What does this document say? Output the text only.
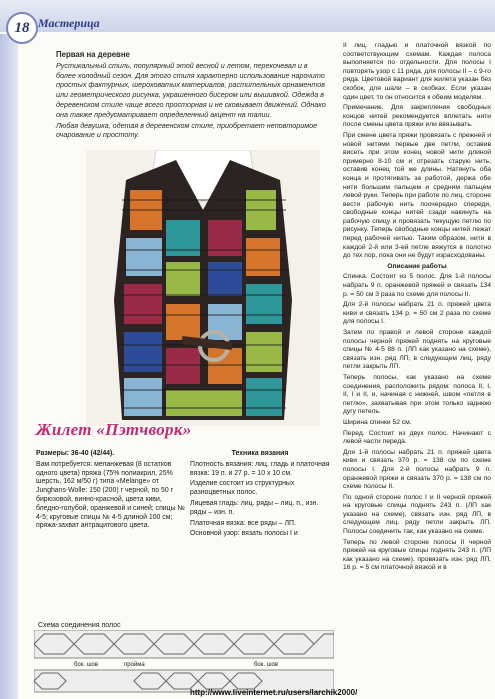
18 Мастерица
Первая на деревне

Рустикальный стиль, популярный этой весной и летом, перекочевал и в более холодный сезон. Для этого стиля характерно использование нарочито простых фактурных, шероховатых материалов, растительных орнаментов или геометрического рисунка, украшенного бисером или вышивкой. Одежда в деревенском стиле чаще всего просторная и не сковывает движений. Однако она также предусматривает определенный акцент на талии.

Любая девушка, одетая в деревенском стиле, приобретает неповторимое очарование и простоту.

Жилет «Пэтчворк»

Размеры: 36-40 (42/44).

Вам потребуется: меланжевая (8 остатков одного цвета) пряжа (75% полиакрил, 25% шерсть, 162 м/50 г) типа «Melange» от Junghans-Wolle: 150 (200) г черной, по 50 г бирюзовой, винно-красной, цвета киви, бледно-голубой, оранжевой и синей; спицы № 4-5; круговые спицы № 4-5 длиной 100 см; пряжа-захват антрацитового цвета.

Техника вязания

Плотность вязания: лиц. гладь и платочная вязка: 19 п. и 27 р. = 10 х 10 см.

Изделие состоит из структурных разноцветных полос.

Лицевая гладь: лиц. ряды – лиц. п., изн. ряды – изн. п.

Платочная вязка: все ряды – ЛП.

Основной узор: вязать полосы I и

II лиц. гладью и платочной вязкой по соответствующим схемам. Каждая полоса выполняется по отдельности. Для полосы I повторять узор с 11 ряда, для полосы II – с 9-го ряда. Цветовой вариант для жилета указан без скобок, для шали – в скобках. Если указан один цвет, то он относится к обеим моделям.

Примечание. Для закрепления свободных концов нитей рекомендуется вплетать нити после смены цвета пряжи или ввязывать.

При смене цвета пряжи провязать с прежней и новой нитями первые две петли, оставив висеть при этом конец новой нити длиной примерно 8-10 см и отрезать старую нить, оставив конец той же длины. Натянуть оба конца и протягивать за работой, держа обе нити большим пальцем и средним пальцем левой руки. Теперь при работе по лиц. стороне вести рабочую нить поочередно спереди, свободные концы нитей сзади накинуть на рабочую спицу и провязать текущую петлю по рисунку. Теперь свободные концы нитей лежат перед рабочей нитью. Таким образом, нити в каждой 2-й или 3-ей петле вяжутся в полотно до тех пор, пока они не будут израсходованы.

Описание работы

Спинка. Состоит из 5 полос. Для 1-й полосы набрать 9 п. оранжевой пряжей и связать 134 р. = 50 см 3 раза по схеме для полосы II.

Для 2-й полосы набрать 21 п. пряжей цвета киви и связать 134 р. = 50 см 2 раза по схеме для полосы I.

Затем по правой и левой стороне каждой полосы черной пряжей поднять на круговые спицы № 4-5 88 п. (ЛП как указано на схеме), связать изн. ряд ЛП, в следующем лиц. ряду петли закрыть ЛП.

Теперь полосы, как указано на схеме соединения, расположить рядом: полоса II, I, II, I и II, и, начиная с нижней, швом «петля в петлю», захватывая при этом только заднюю дугу петель.

Ширина спинки 52 см.

Перед. Состоит из двух полос. Начинают с левой части переда.

Для 1-й полосы набрать 21 п. пряжей цвета киви и связать 370 р. = 138 см по схеме полосы I. Для 2-й полосы набрать 9 п. оранжевой пряжи и связать 370 р. = 138 см по схеме полосы II.

По одной стороне полос I и II черной пряжей на круговые спицы поднять 243 п. (ЛП как указано на схеме), связать изн. ряд ЛП, в следующем лиц. ряду петли закрыть ЛП. Полосы соединить так, как указано на схеме.

Теперь по левой стороне полосы II черной пряжей на круговые спицы поднять 243 п. (ЛП как указано на схеме), провязать изн. ряд ЛП, 16 р. = 5 см платочной вязкой и в

Схема соединения полос
бок. шов	пройма	бок. шов
http://www.liveinternet.ru/users/larchik2000/
